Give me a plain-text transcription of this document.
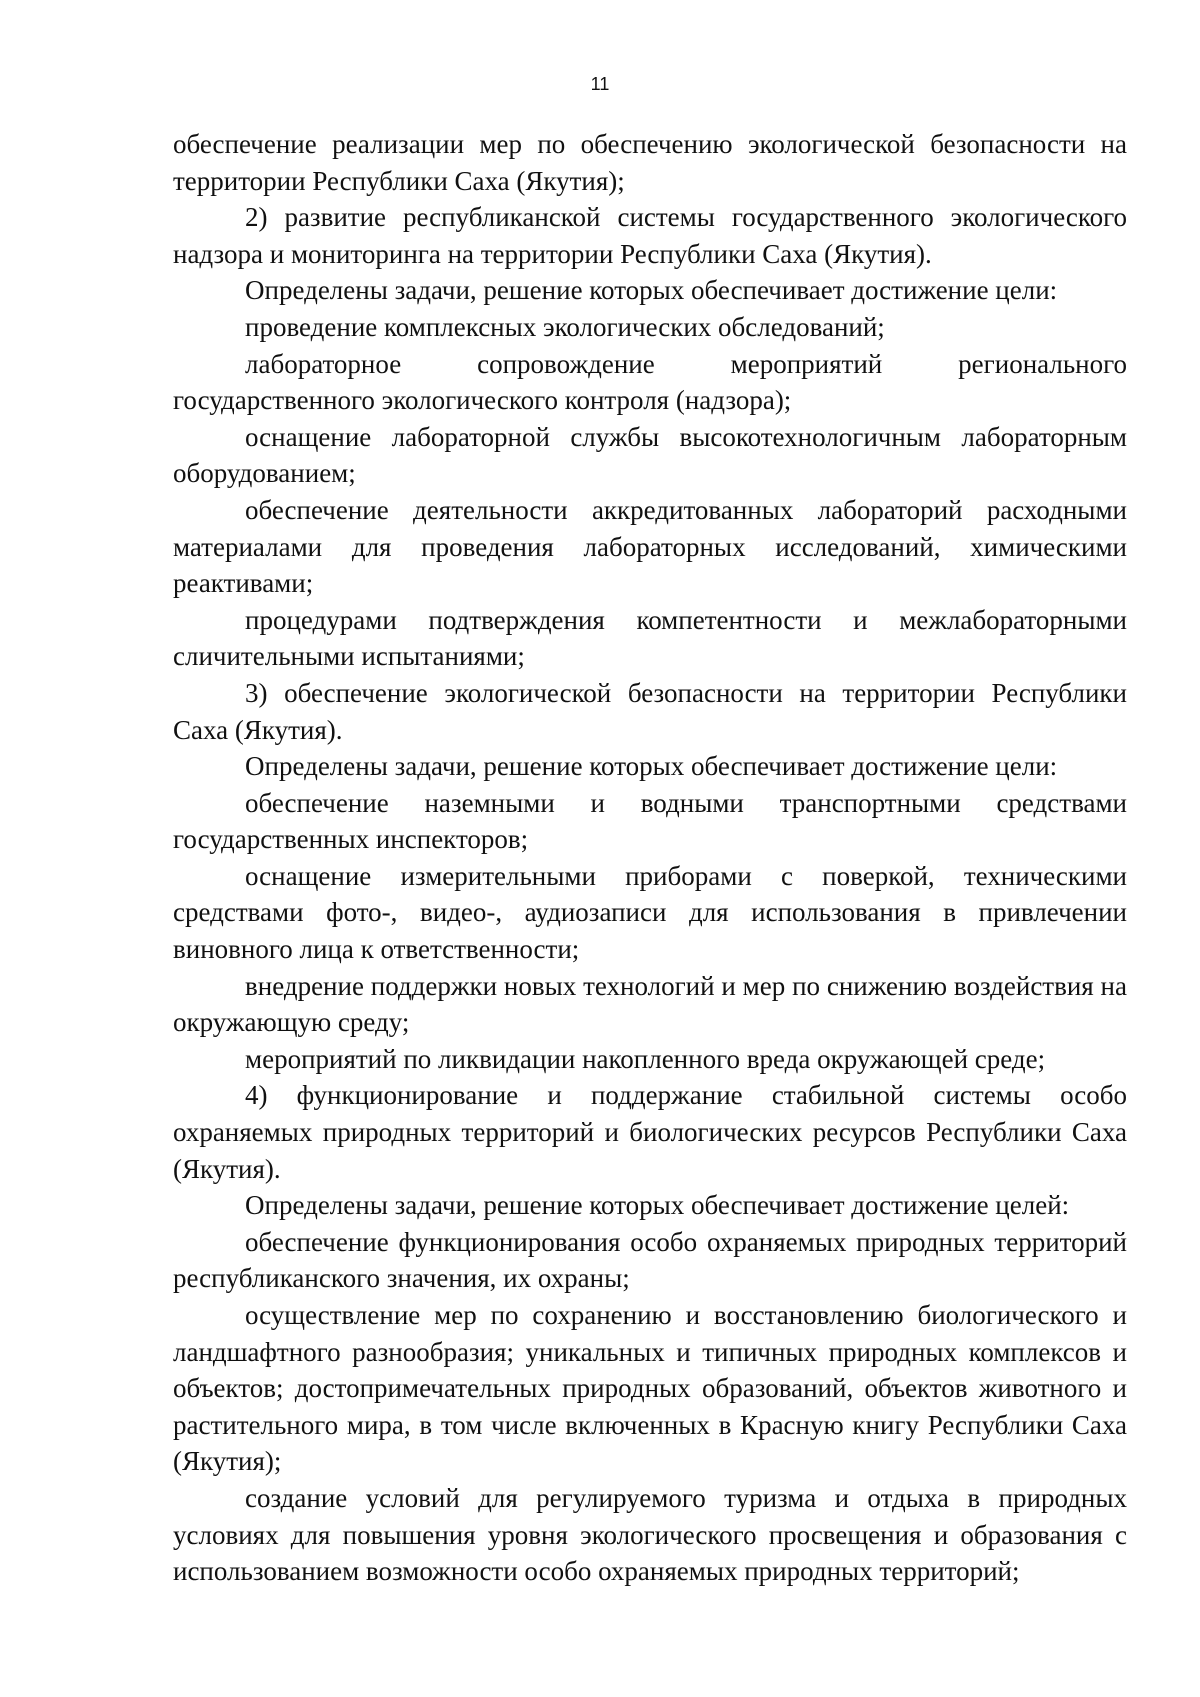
11

обеспечение реализации мер по обеспечению экологической безопасности на территории Республики Саха (Якутия);

2) развитие республиканской системы государственного экологического надзора и мониторинга на территории Республики Саха (Якутия).

Определены задачи, решение которых обеспечивает достижение цели:

проведение комплексных экологических обследований;

лабораторное сопровождение мероприятий регионального государственного экологического контроля (надзора);

оснащение лабораторной службы высокотехнологичным лабораторным оборудованием;

обеспечение деятельности аккредитованных лабораторий расходными материалами для проведения лабораторных исследований, химическими реактивами;

процедурами подтверждения компетентности и межлабораторными сличительными испытаниями;

3) обеспечение экологической безопасности на территории Республики Саха (Якутия).

Определены задачи, решение которых обеспечивает достижение цели:

обеспечение наземными и водными транспортными средствами государственных инспекторов;

оснащение измерительными приборами с поверкой, техническими средствами фото-, видео-, аудиозаписи для использования в привлечении виновного лица к ответственности;

внедрение поддержки новых технологий и мер по снижению воздействия на окружающую среду;

мероприятий по ликвидации накопленного вреда окружающей среде;

4) функционирование и поддержание стабильной системы особо охраняемых природных территорий и биологических ресурсов Республики Саха (Якутия).

Определены задачи, решение которых обеспечивает достижение целей:

обеспечение функционирования особо охраняемых природных территорий республиканского значения, их охраны;

осуществление мер по сохранению и восстановлению биологического и ландшафтного разнообразия; уникальных и типичных природных комплексов и объектов; достопримечательных природных образований, объектов животного и растительного мира, в том числе включенных в Красную книгу Республики Саха (Якутия);

создание условий для регулируемого туризма и отдыха в природных условиях для повышения уровня экологического просвещения и образования с использованием возможности особо охраняемых природных территорий;
